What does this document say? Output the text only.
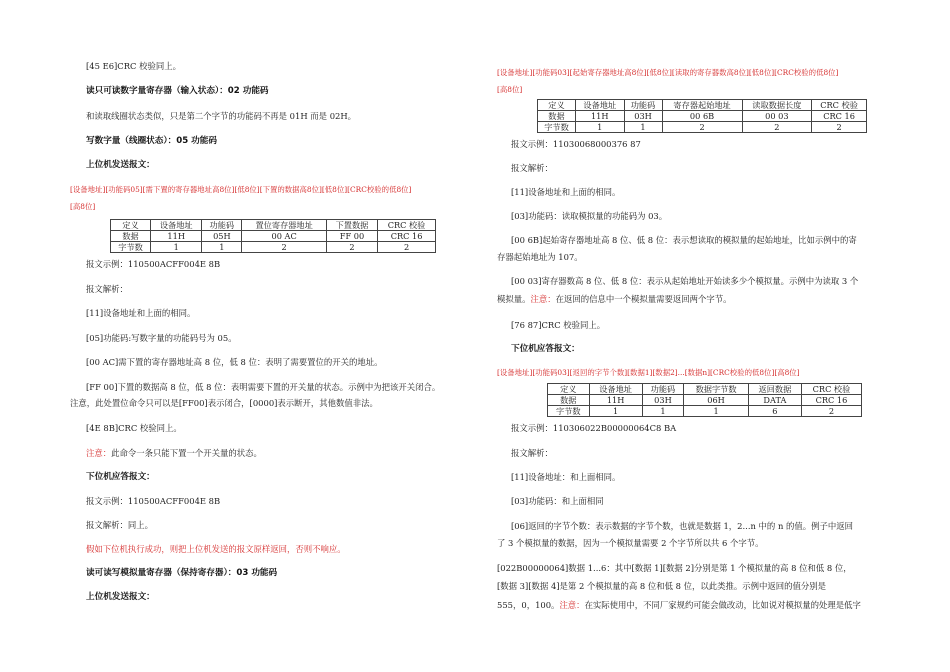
[45 E6]CRC 校验同上。
读只可读数字量寄存器（输入状态）：02 功能码
和读取线圈状态类似，只是第二个字节的功能码不再是 01H 而是 02H。
写数字量（线圈状态）：05 功能码
上位机发送报文：
[设备地址][功能码05][需下置的寄存器地址高8位][低8位][下置的数据高8位][低8位][CRC校验的低8位]
[高8位]
定义	设备地址	功能码	置位寄存器地址	下置数据	CRC 校验
数据	11H	05H	00 AC	FF 00	CRC 16
字节数	1	1	2	2	2
报文示例：110500ACFF004E 8B
报文解析：
[11]设备地址和上面的相同。
[05]功能码:写数字量的功能码号为 05。
[00 AC]需下置的寄存器地址高 8 位，低 8 位：表明了需要置位的开关的地址。
[FF 00]下置的数据高 8 位，低 8 位：表明需要下置的开关量的状态。示例中为把该开关闭合。
注意，此处置位命令只可以是[FF00]表示闭合，[0000]表示断开，其他数值非法。
[4E 8B]CRC 校验同上。
注意：此命令一条只能下置一个开关量的状态。
下位机应答报文：
报文示例：110500ACFF004E 8B
报文解析：同上。
假如下位机执行成功，则把上位机发送的报文原样返回，否则不响应。
读可读写模拟量寄存器（保持寄存器）：03 功能码
上位机发送报文：
[设备地址][功能码03][起始寄存器地址高8位][低8位][读取的寄存器数高8位][低8位][CRC校验的低8位]
[高8位]
定义	设备地址	功能码	寄存器起始地址	读取数据长度	CRC 校验
数据	11H	03H	00 6B	00 03	CRC 16
字节数	1	1	2	2	2
报文示例：11030068000376 87
报文解析：
[11]设备地址和上面的相同。
[03]功能码：读取模拟量的功能码为 03。
[00 6B]起始寄存器地址高 8 位、低 8 位：表示想读取的模拟量的起始地址，比如示例中的寄
存器起始地址为 107。
[00 03]寄存器数高 8 位、低 8 位：表示从起始地址开始读多少个模拟量。示例中为读取 3 个
模拟量。注意：在返回的信息中一个模拟量需要返回两个字节。
[76 87]CRC 校验同上。
下位机应答报文：
[设备地址][功能码03][返回的字节个数][数据1][数据2]...[数据n][CRC校验的低8位][高8位]
定义	设备地址	功能码	数据字节数	返回数据	CRC 校验
数据	11H	03H	06H	DATA	CRC 16
字节数	1	1	1	6	2
报文示例：110306022B00000064C8 BA
报文解析：
[11]设备地址：和上面相同。
[03]功能码：和上面相同
[06]返回的字节个数：表示数据的字节个数，也就是数据 1，2...n 中的 n 的值。例子中返回
了 3 个模拟量的数据，因为一个模拟量需要 2 个字节所以共 6 个字节。
[022B00000064]数据 1...6：其中[数据 1][数据 2]分别是第 1 个模拟量的高 8 位和低 8 位，
[数据 3][数据 4]是第 2 个模拟量的高 8 位和低 8 位，以此类推。示例中返回的值分别是
555，0，100。注意：在实际使用中，不同厂家规约可能会做改动，比如说对模拟量的处理是低字
